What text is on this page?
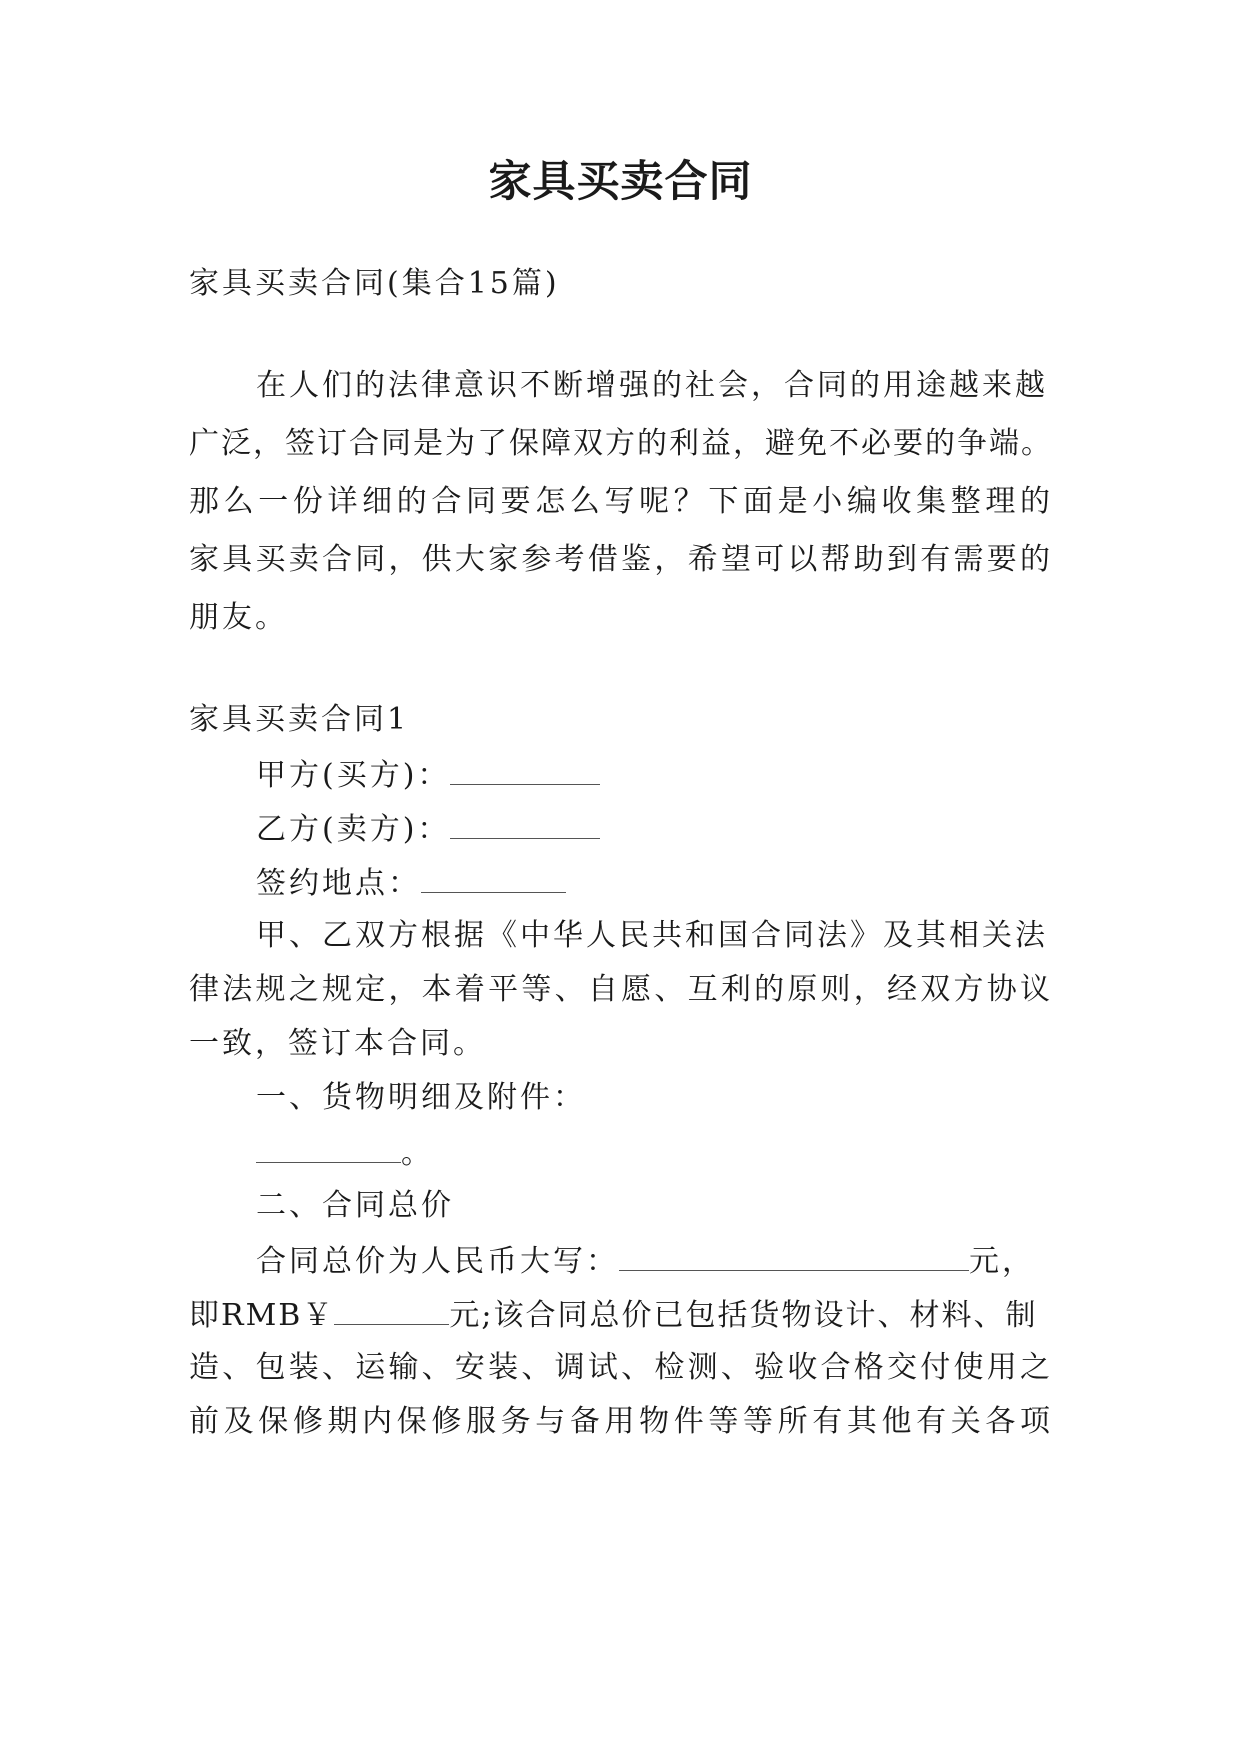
家具买卖合同
家具买卖合同(集合15篇)
在人们的法律意识不断增强的社会，合同的用途越来越
广泛，签订合同是为了保障双方的利益，避免不必要的争端。
那么一份详细的合同要怎么写呢？下面是小编收集整理的
家具买卖合同，供大家参考借鉴，希望可以帮助到有需要的
朋友。
家具买卖合同1
甲方(买方)：
乙方(卖方)：
签约地点：
甲、乙双方根据《中华人民共和国合同法》及其相关法
律法规之规定，本着平等、自愿、互利的原则，经双方协议
一致，签订本合同。
一、货物明细及附件：
。
二、合同总价
合同总价为人民币大写：	元，
即RMB￥	元;该合同总价已包括货物设计、材料、制
造、包装、运输、安装、调试、检测、验收合格交付使用之
前及保修期内保修服务与备用物件等等所有其他有关各项
